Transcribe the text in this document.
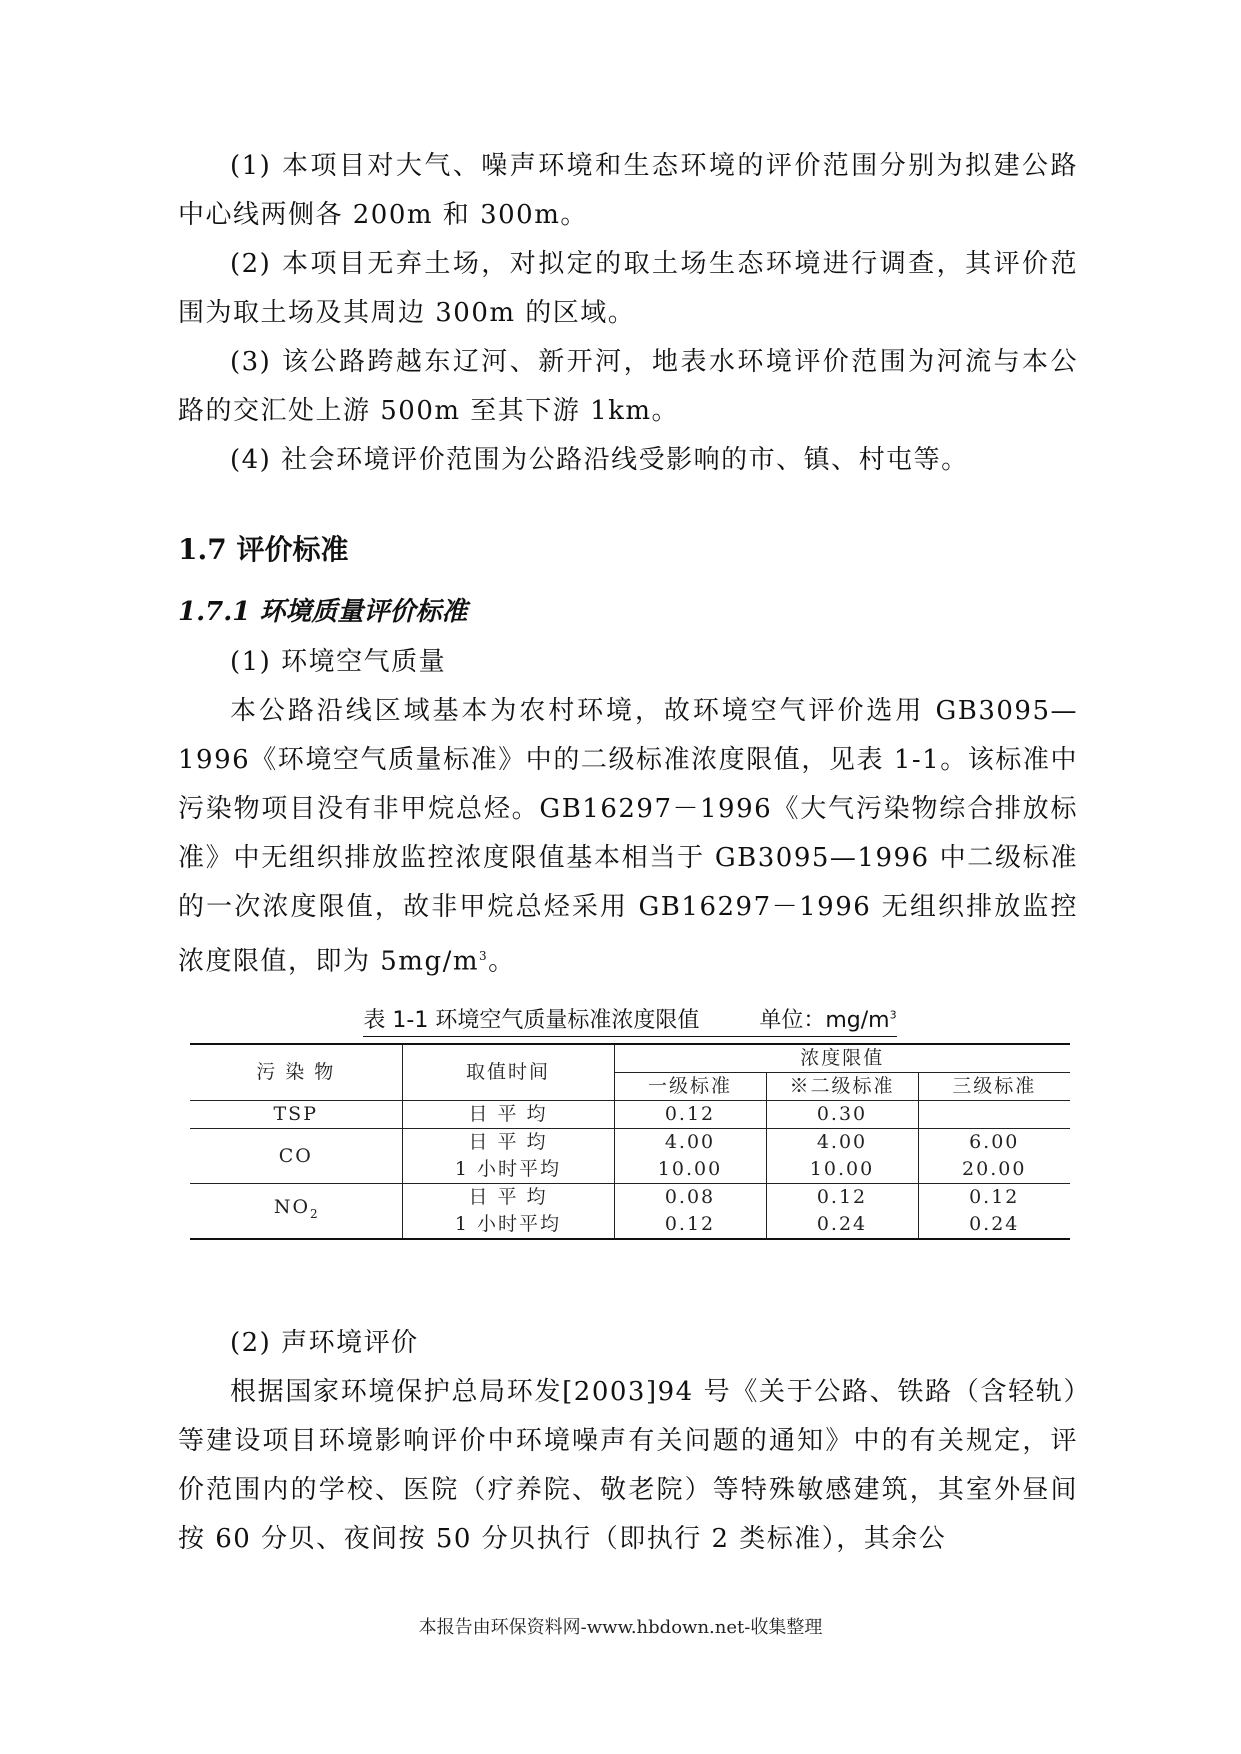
(1) 本项目对大气、噪声环境和生态环境的评价范围分别为拟建公路中心线两侧各 200m 和 300m。

(2) 本项目无弃土场，对拟定的取土场生态环境进行调查，其评价范围为取土场及其周边 300m 的区域。

(3) 该公路跨越东辽河、新开河，地表水环境评价范围为河流与本公路的交汇处上游 500m 至其下游 1km。

(4) 社会环境评价范围为公路沿线受影响的市、镇、村屯等。

1.7 评价标准
1.7.1 环境质量评价标准

(1) 环境空气质量

本公路沿线区域基本为农村环境，故环境空气评价选用 GB3095—1996《环境空气质量标准》中的二级标准浓度限值，见表 1-1。该标准中污染物项目没有非甲烷总烃。GB16297－1996《大气污染物综合排放标准》中无组织排放监控浓度限值基本相当于 GB3095—1996 中二级标准的一次浓度限值，故非甲烷总烃采用 GB16297－1996 无组织排放监控浓度限值，即为 $5mg/m^3$。

表 1-1 环境空气质量标准浓度限值	单位：$mg/m^3$
污 染 物	取值时间	浓度限值		
		一级标准	※二级标准	三级标准
TSP	日 平 均	0.12	0.30	
CO	日 平 均	4.00	4.00	6.00
	1 小时平均	10.00	10.00	20.00
$NO_2$	日 平 均	0.08	0.12	0.12
	1 小时平均	0.12	0.24	0.24

(2) 声环境评价

根据国家环境保护总局环发[2003]94 号《关于公路、铁路（含轻轨）等建设项目环境影响评价中环境噪声有关问题的通知》中的有关规定，评价范围内的学校、医院（疗养院、敬老院）等特殊敏感建筑，其室外昼间按 60 分贝、夜间按 50 分贝执行（即执行 2 类标准），其余公

本报告由环保资料网-www.hbdown.net-收集整理
